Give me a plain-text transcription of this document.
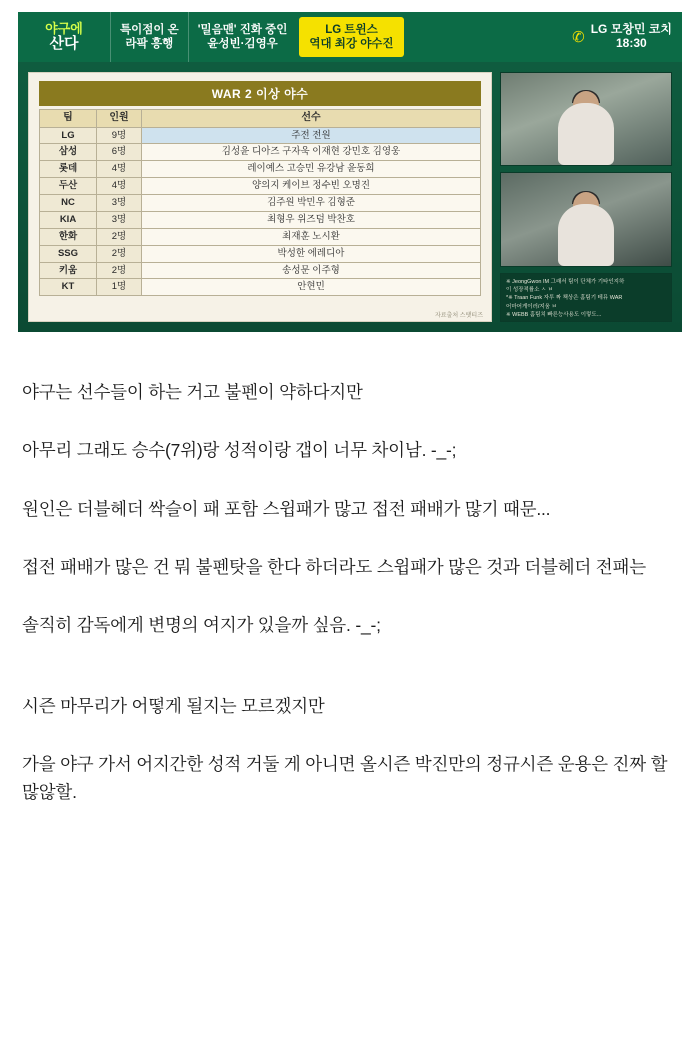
야구에
산다
특이점이 온
라팍 흥행
'밀음맨' 진화 중인
윤성빈·김영우
LG 트윈스
역대 최강 야수진	✆ LG 모창민 코치
18:30
WAR 2 이상 야수
팀	인원	선수
LG	9명	주전 전원
삼성	6명	김성윤 디아즈 구자욱 이재현 강민호 김영웅
롯데	4명	레이예스 고승민 유강남 윤동희
두산	4명	양의지 케이브 정수빈 오명진
NC	3명	김주원 박민우 김형준
KIA	3명	최형우 위즈덤 박찬호
한화	2명	최재훈 노시환
SSG	2명	박성한 에레디아
키움	2명	송성문 이주형
KT	1명	안현민
자료출처 스탯티즈
※ JeongGwon IM 그래서 팀이 단체가 기타인지하
이 성장적률소 ㅅ ㅂ
*※ Traan Funk 자투 짜 책상은 홈팀기 테뮤 WAR
어마어게이러/지움 ㅂ
※ WEBB 홈팀치 빠른능사용도 이렇도...

야구는 선수들이 하는 거고 불펜이 약하다지만

아무리 그래도 승수(7위)랑 성적이랑 갭이 너무 차이남. -_-;

원인은 더블헤더 싹슬이 패 포함 스윕패가 많고 접전 패배가 많기 때문...

접전 패배가 많은 건 뭐 불펜탓을 한다 하더라도 스윕패가 많은 것과 더블헤더 전패는

솔직히 감독에게 변명의 여지가 있을까 싶음. -_-;

시즌 마무리가 어떻게 될지는 모르겠지만

가을 야구 가서 어지간한 성적 거둘 게 아니면 올시즌 박진만의 정규시즌 운용은 진짜 할많않할.
